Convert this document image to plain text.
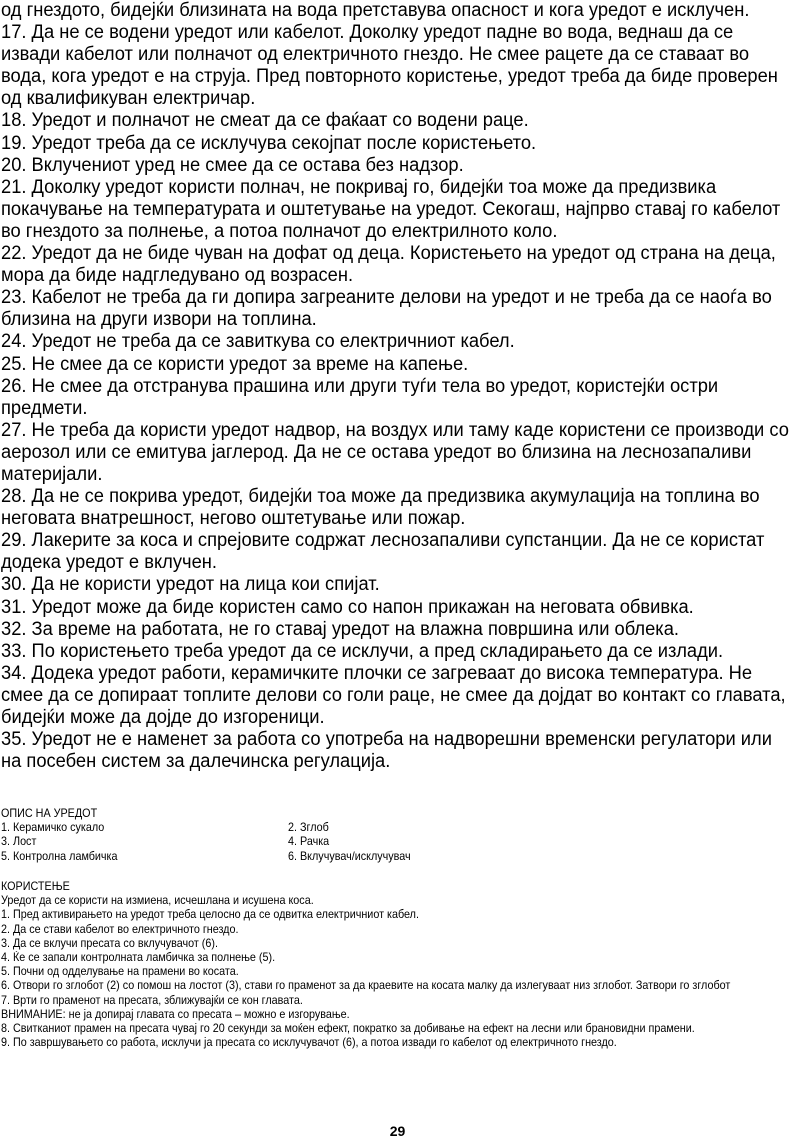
од гнездото, бидејќи близината на вода претставува опасност и кога уредот е исклучен.

17. Да не се водени уредот или кабелот. Доколку уредот падне во вода, веднаш да се извади кабелот или полначот од електричното гнездо. Не смее рацете да се ставаат во вода, кога уредот е на струја. Пред повторното користење, уредот треба да биде проверен од квалификуван електричар.

18. Уредот и полначот не смеат да се фаќаат со водени раце.

19. Уредот треба да се исклучува секојпат после користењето.

20. Вклучениот уред не смее да се остава без надзор.

21. Доколку уредот користи полнач, не покривај го, бидејќи тоа може да предизвика покачување на температурата и оштетување на уредот. Секогаш, најпрво ставај го кабелот во гнездото за полнење, а потоа полначот до електрилното коло.

22. Уредот да не биде чуван на дофат од деца. Користењето на уредот од страна на деца, мора да биде надгледувано од возрасен.

23. Кабелот не треба да ги допира загреаните делови на уредот и не треба да се наоѓа во близина на други извори на топлина.

24. Уредот не треба да се завиткува со електричниот кабел.

25. Не смее да се користи уредот за време на капење.

26. Не смее да отстранува прашина или други туѓи тела во уредот, користејќи остри предмети.

27. Не треба да користи уредот надвор, на воздух или таму каде користени се производи со аерозол или се емитува јаглерод. Да не се остава уредот во близина на леснозапаливи материјали.

28. Да не се покрива уредот, бидејќи тоа може да предизвика акумулација на топлина во неговата внатрешност, негово оштетување или пожар.

29. Лакерите за коса и спрејовите содржат леснозапаливи супстанции. Да не се користат додека уредот е вклучен.

30. Да не користи уредот на лица кои спијат.

31. Уредот може да биде користен само со напон прикажан на неговата обвивка.

32. За време на работата, не го ставај уредот на влажна површина или облека.

33. По користењето треба уредот да се исклучи, а пред складирањето да се излади.

34. Додека уредот работи, керамичките плочки се загреваат до висока температура. Не смее да се допираат топлите делови со голи раце, не смее да дојдат во контакт со главата, бидејќи може да дојде до изгореници.

35. Уредот не е наменет за работа со употреба на надворешни временски регулатори или на посебен систем за далечинска регулација.

ОПИС НА УРЕДОТ
1. Керамичко сукало	2. Зглоб
3. Лост	4. Рачка
5. Контролна ламбичка	6. Вклучувач/исклучувач
КОРИСТЕЊЕ
Уредот да се користи на измиена, исчешлана и исушена коса.
1. Пред активирањето на уредот треба целосно да се одвитка електричниот кабел.
2. Да се стави кабелот во електричното гнездо.
3. Да се вклучи пресата со вклучувачот (6).
4. Ќе се запали контролната ламбичка за полнење (5).
5. Почни од одделување на прамени во косата.
6. Отвори го зглобот (2) со помош на лостот (3), стави го праменот за да краевите на косата малку да излегуваат низ зглобот. Затвори го зглобот
7. Врти го праменот на пресата, зближувајќи се кон главата.
ВНИМАНИЕ: не ја допирај главата со пресата – можно е изгорување.
8. Свитканиот прамен на пресата чувај го 20 секунди за моќен ефект, пократко за добивање на ефект на лесни или брановидни прамени.
9. По завршувањето со работа, исклучи ја пресата со исклучувачот (6), а потоа извади го кабелот од електричното гнездо.
29
